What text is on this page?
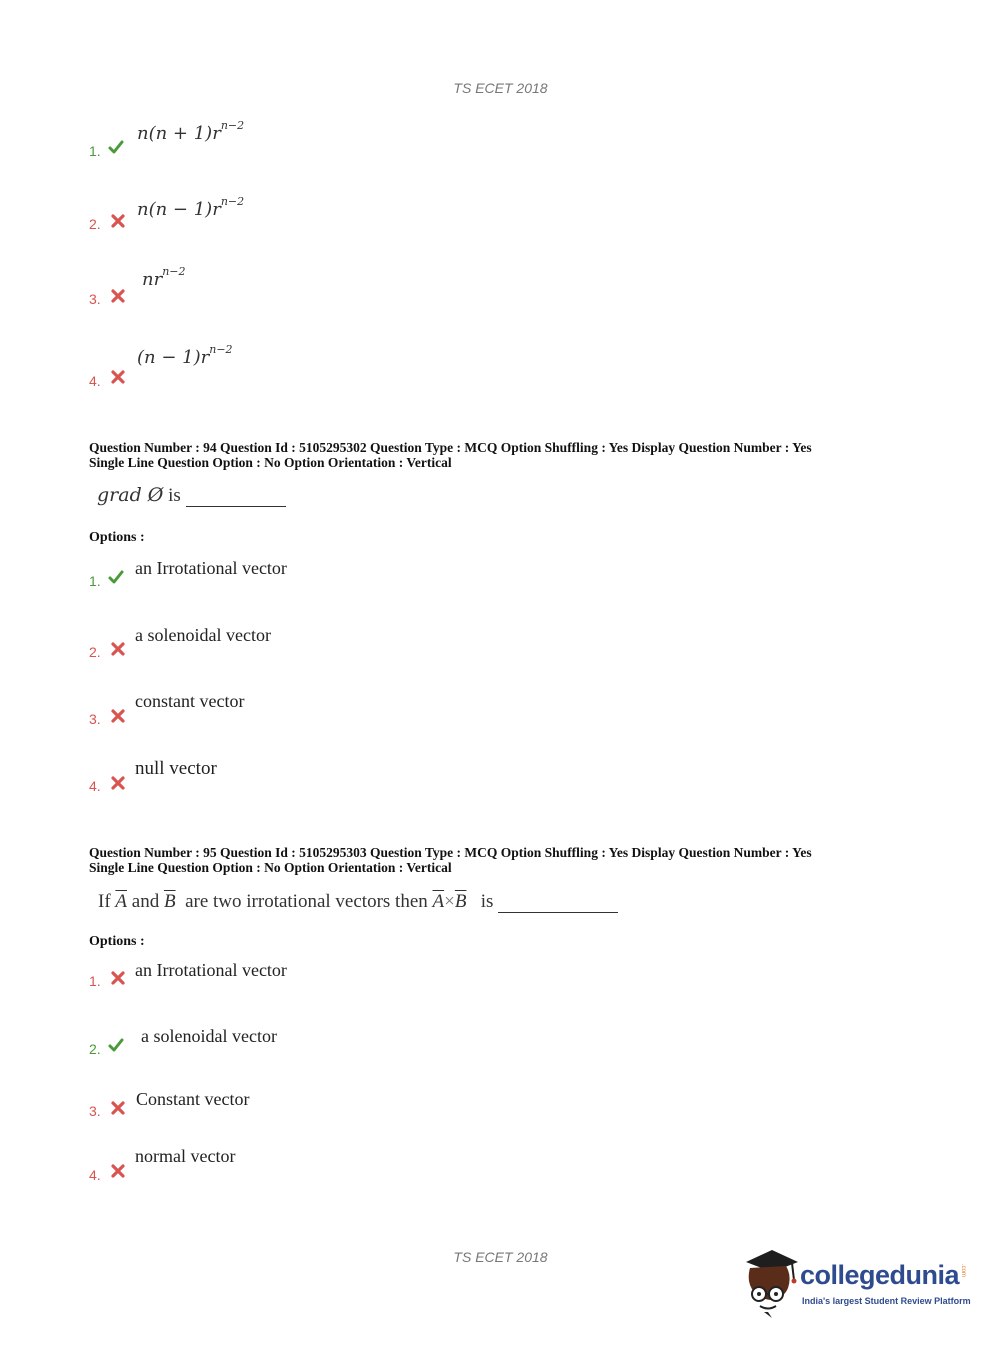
TS ECET 2018
$n(n + 1)r^{n-2}$
1.
$n(n - 1)r^{n-2}$
2.
$nr^{n-2}$
3.
$(n - 1)r^{n-2}$
4.
Question Number : 94 Question Id : 5105295302 Question Type : MCQ Option Shuffling : Yes Display Question Number : Yes
Single Line Question Option : No Option Orientation : Vertical
grad Ø is
Options :
an Irrotational vector
1.
a solenoidal vector
2.
constant vector
3.
null vector
4.
Question Number : 95 Question Id : 5105295303 Question Type : MCQ Option Shuffling : Yes Display Question Number : Yes
Single Line Question Option : No Option Orientation : Vertical
If $\overline{A}$ and $\overline{B}$ are two irrotational vectors then $\overline{A}\times\overline{B}$ is
Options :
an Irrotational vector
1.
a solenoidal vector
2.
Constant vector
3.
normal vector
4.
TS ECET 2018
collegedunia .com
India's largest Student Review Platform
